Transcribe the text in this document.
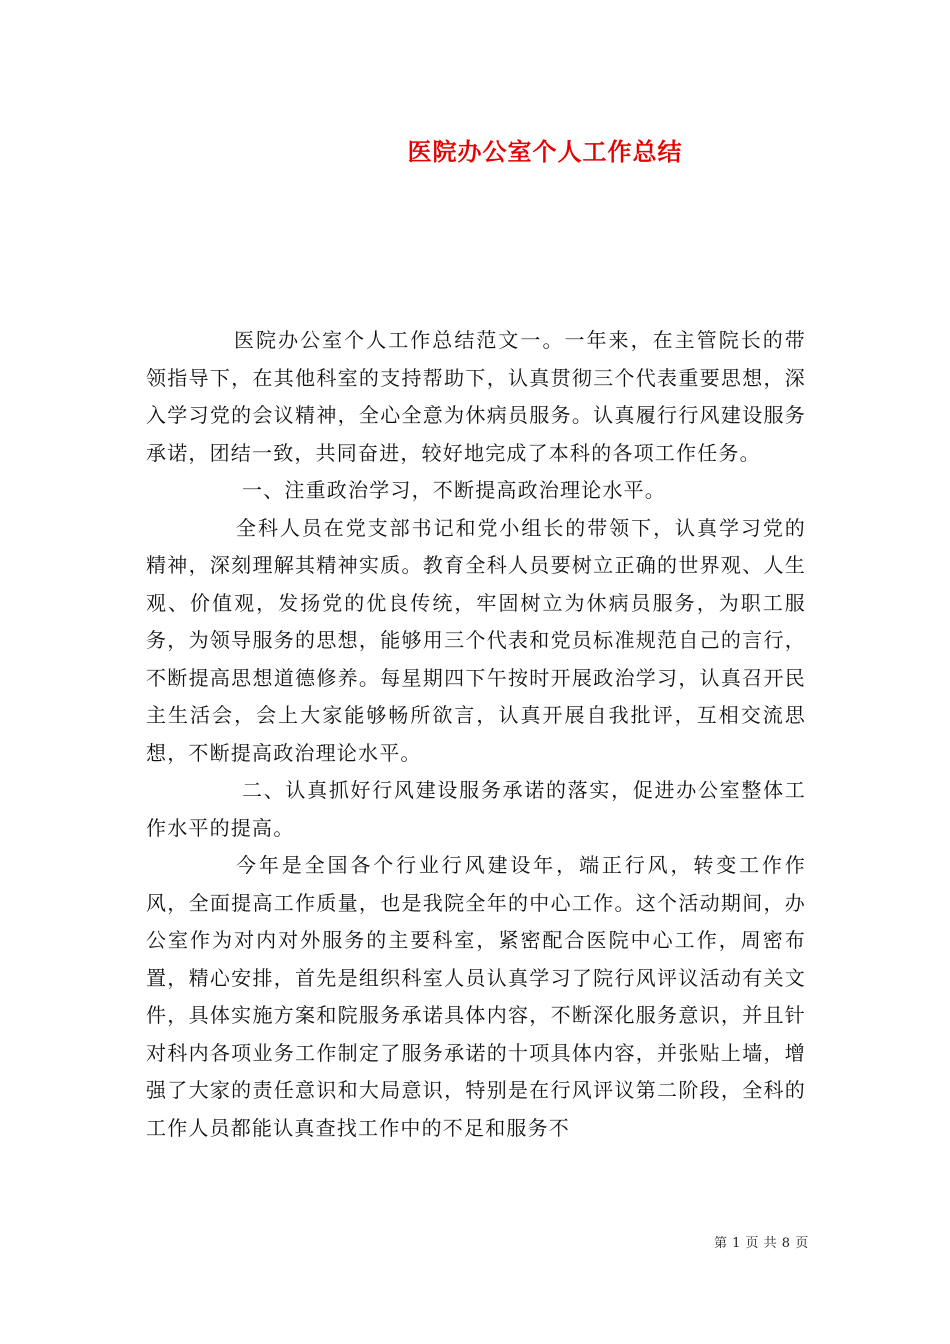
医院办公室个人工作总结

医院办公室个人工作总结范文一。一年来，在主管院长的带领指导下，在其他科室的支持帮助下，认真贯彻三个代表重要思想，深入学习党的会议精神，全心全意为休病员服务。认真履行行风建设服务承诺，团结一致，共同奋进，较好地完成了本科的各项工作任务。

一、注重政治学习，不断提高政治理论水平。

全科人员在党支部书记和党小组长的带领下，认真学习党的精神，深刻理解其精神实质。教育全科人员要树立正确的世界观、人生观、价值观，发扬党的优良传统，牢固树立为休病员服务，为职工服务，为领导服务的思想，能够用三个代表和党员标准规范自己的言行，不断提高思想道德修养。每星期四下午按时开展政治学习，认真召开民主生活会，会上大家能够畅所欲言，认真开展自我批评，互相交流思想，不断提高政治理论水平。

二、认真抓好行风建设服务承诺的落实，促进办公室整体工作水平的提高。

今年是全国各个行业行风建设年，端正行风，转变工作作风，全面提高工作质量，也是我院全年的中心工作。这个活动期间，办公室作为对内对外服务的主要科室，紧密配合医院中心工作，周密布置，精心安排，首先是组织科室人员认真学习了院行风评议活动有关文件，具体实施方案和院服务承诺具体内容，不断深化服务意识，并且针对科内各项业务工作制定了服务承诺的十项具体内容，并张贴上墙，增强了大家的责任意识和大局意识，特别是在行风评议第二阶段，全科的工作人员都能认真查找工作中的不足和服务不

第 1 页 共 8 页
